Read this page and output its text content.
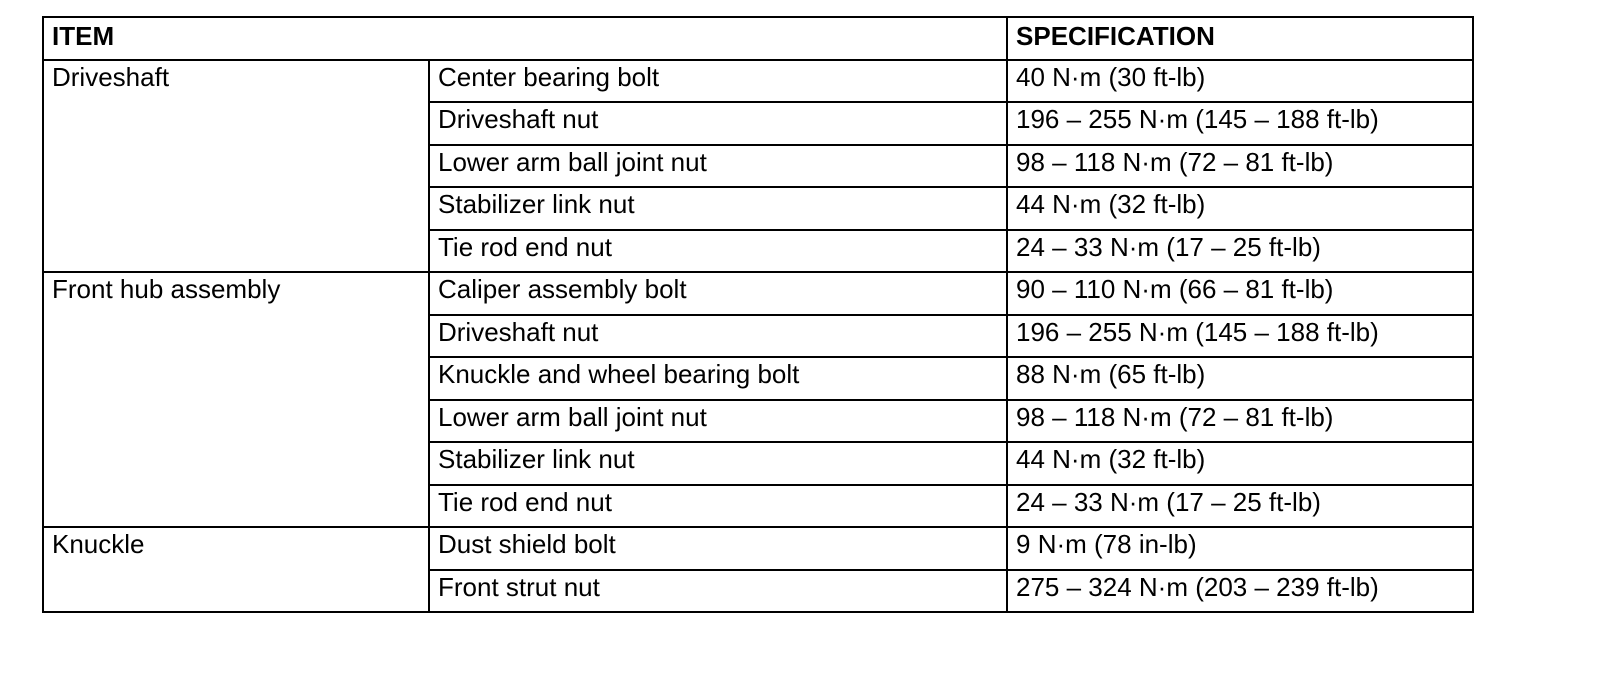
ITEM		SPECIFICATION
Driveshaft	Center bearing bolt	40 N·m (30 ft-lb)
	Driveshaft nut	196 – 255 N·m (145 – 188 ft-lb)
	Lower arm ball joint nut	98 – 118 N·m (72 – 81 ft-lb)
	Stabilizer link nut	44 N·m (32 ft-lb)
	Tie rod end nut	24 – 33 N·m (17 – 25 ft-lb)
Front hub assembly	Caliper assembly bolt	90 – 110 N·m (66 – 81 ft-lb)
	Driveshaft nut	196 – 255 N·m (145 – 188 ft-lb)
	Knuckle and wheel bearing bolt	88 N·m (65 ft-lb)
	Lower arm ball joint nut	98 – 118 N·m (72 – 81 ft-lb)
	Stabilizer link nut	44 N·m (32 ft-lb)
	Tie rod end nut	24 – 33 N·m (17 – 25 ft-lb)
Knuckle	Dust shield bolt	9 N·m (78 in-lb)
	Front strut nut	275 – 324 N·m (203 – 239 ft-lb)
